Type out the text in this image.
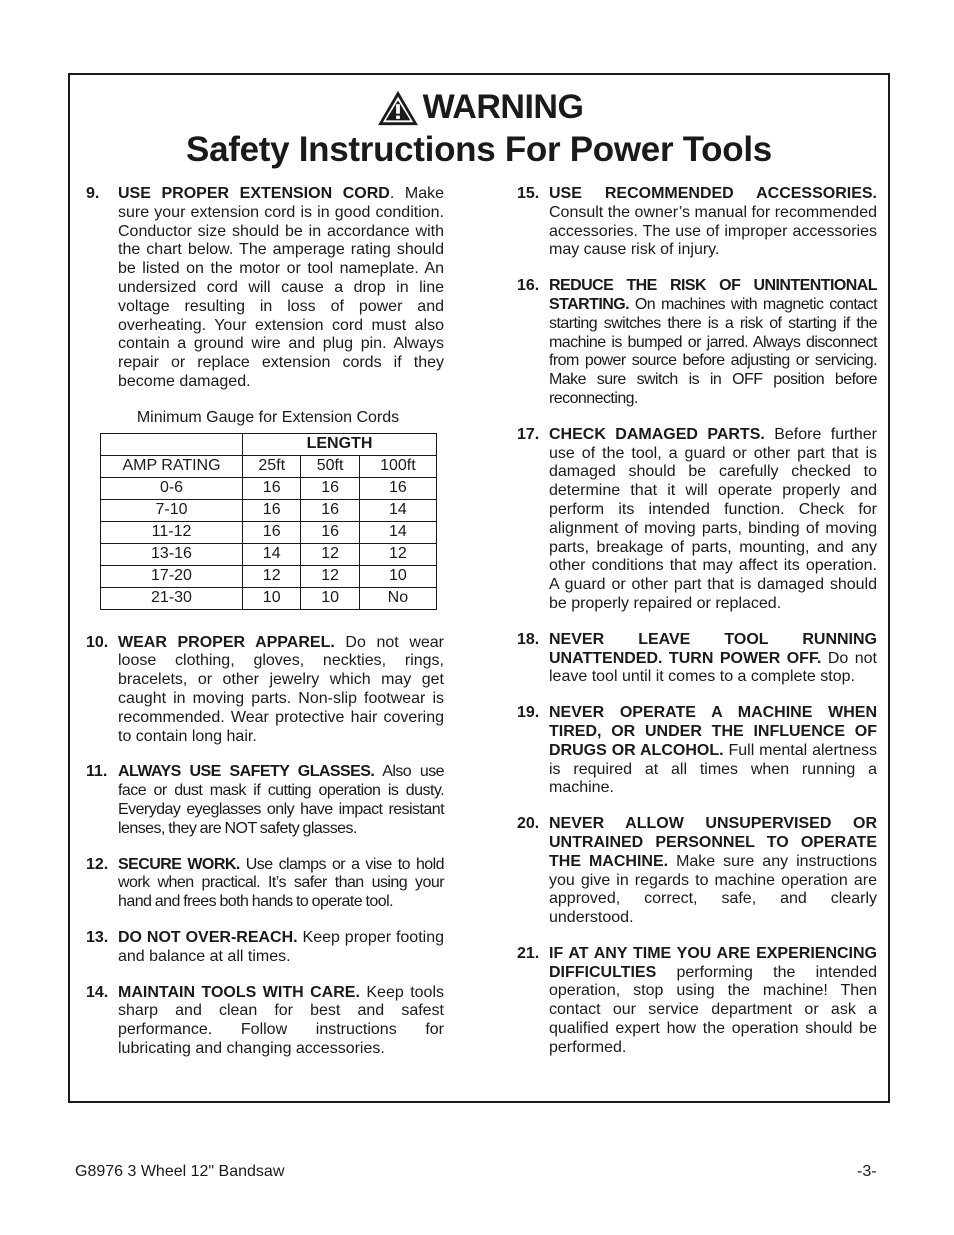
WARNING
Safety Instructions For Power Tools
9.	USE PROPER EXTENSION CORD. Make sure your extension cord is in good condition. Conductor size should be in accordance with the chart below. The amperage rating should be listed on the motor or tool nameplate. An undersized cord will cause a drop in line voltage resulting in loss of power and overheating. Your extension cord must also contain a ground wire and plug pin. Always repair or replace extension cords if they become damaged.
Minimum Gauge for Extension Cords
	LENGTH		
AMP RATING	25ft	50ft	100ft
0-6	16	16	16
7-10	16	16	14
11-12	16	16	14
13-16	14	12	12
17-20	12	12	10
21-30	10	10	No
10. WEAR PROPER APPAREL. Do not wear loose clothing, gloves, neckties, rings, bracelets, or other jewelry which may get caught in moving parts. Non-slip footwear is recommended. Wear protective hair covering to contain long hair.
11. ALWAYS USE SAFETY GLASSES. Also use face or dust mask if cutting operation is dusty. Everyday eyeglasses only have impact resistant lenses, they are NOT safety glasses.
12. SECURE WORK. Use clamps or a vise to hold work when practical. It’s safer than using your hand and frees both hands to operate tool.
13. DO NOT OVER-REACH. Keep proper footing and balance at all times.
14. MAINTAIN TOOLS WITH CARE. Keep tools sharp and clean for best and safest performance. Follow instructions for lubricating and changing accessories.
15. USE RECOMMENDED ACCESSORIES. Consult the owner’s manual for recommended accessories. The use of improper accessories may cause risk of injury.
16. REDUCE THE RISK OF UNINTENTIONAL STARTING. On machines with magnetic contact starting switches there is a risk of starting if the machine is bumped or jarred. Always disconnect from power source before adjusting or servicing. Make sure switch is in OFF position before reconnecting.
17. CHECK DAMAGED PARTS. Before further use of the tool, a guard or other part that is damaged should be carefully checked to determine that it will operate properly and perform its intended function. Check for alignment of moving parts, binding of moving parts, breakage of parts, mounting, and any other conditions that may affect its operation. A guard or other part that is damaged should be properly repaired or replaced.
18. NEVER LEAVE TOOL RUNNING UNATTENDED. TURN POWER OFF. Do not leave tool until it comes to a complete stop.
19. NEVER OPERATE A MACHINE WHEN TIRED, OR UNDER THE INFLUENCE OF DRUGS OR ALCOHOL. Full mental alertness is required at all times when running a machine.
20. NEVER ALLOW UNSUPERVISED OR UNTRAINED PERSONNEL TO OPERATE THE MACHINE. Make sure any instructions you give in regards to machine operation are approved, correct, safe, and clearly understood.
21. IF AT ANY TIME YOU ARE EXPERIENCING DIFFICULTIES performing the intended operation, stop using the machine! Then contact our service department or ask a qualified expert how the operation should be performed.
G8976 3 Wheel 12" Bandsaw	-3-
